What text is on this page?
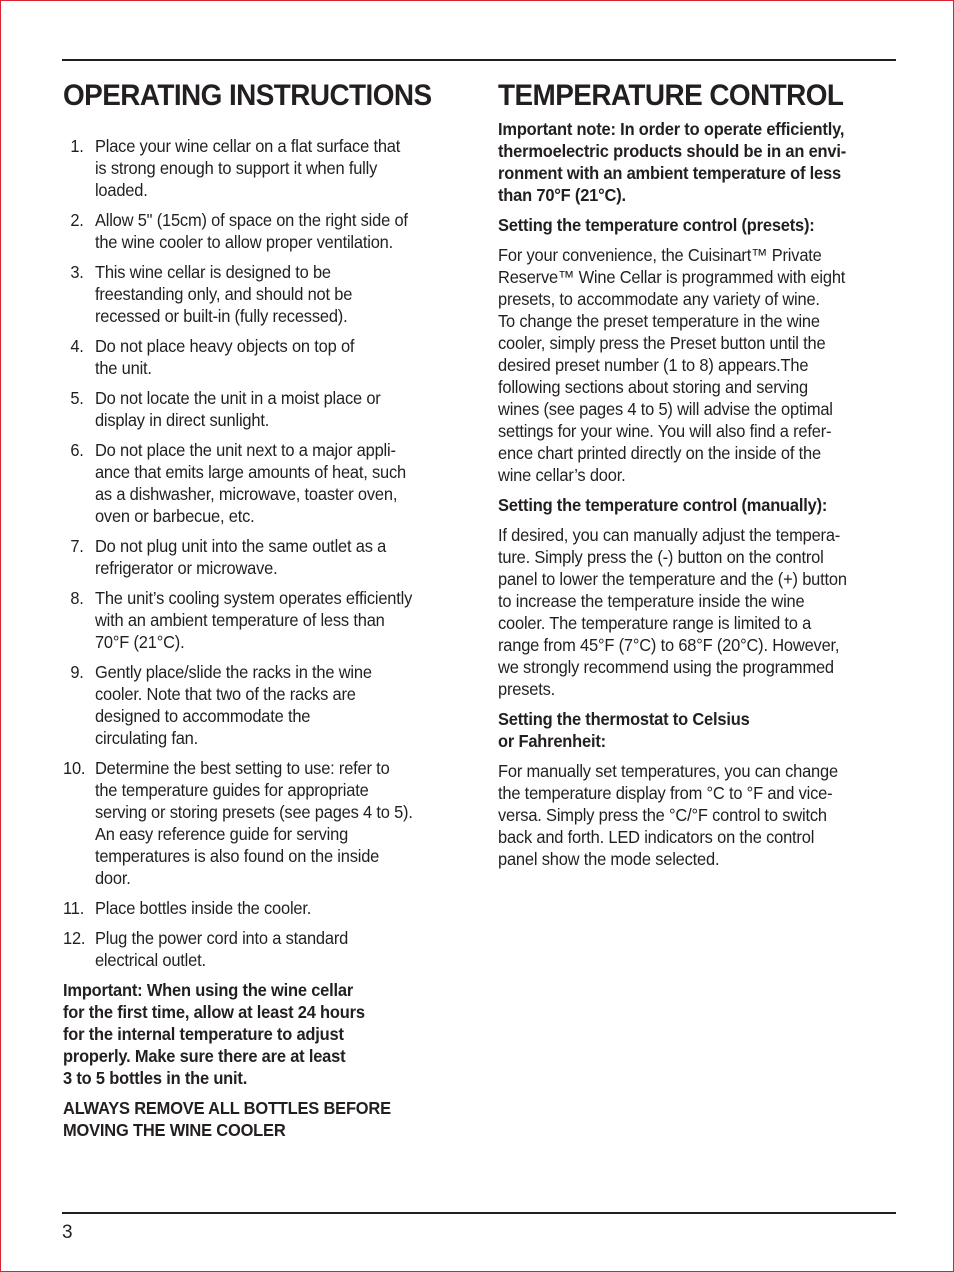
OPERATING INSTRUCTIONS
1. Place your wine cellar on a flat surface that
is strong enough to support it when fully
loaded.
2. Allow 5" (15cm) of space on the right side of
the wine cooler to allow proper ventilation.
3. This wine cellar is designed to be
freestanding only, and should not be
recessed or built-in (fully recessed).
4. Do not place heavy objects on top of
the unit.
5. Do not locate the unit in a moist place or
display in direct sunlight.
6. Do not place the unit next to a major appli-
ance that emits large amounts of heat, such
as a dishwasher, microwave, toaster oven,
oven or barbecue, etc.
7. Do not plug unit into the same outlet as a
refrigerator or microwave.
8. The unit’s cooling system operates efficiently
with an ambient temperature of less than
70°F (21°C).
9. Gently place/slide the racks in the wine
cooler. Note that two of the racks are
designed to accommodate the
circulating fan.
10. Determine the best setting to use: refer to
the temperature guides for appropriate
serving or storing presets (see pages 4 to 5).
An easy reference guide for serving
temperatures is also found on the inside
door.
11. Place bottles inside the cooler.
12. Plug the power cord into a standard
electrical outlet.

Important: When using the wine cellar
for the first time, allow at least 24 hours
for the internal temperature to adjust
properly. Make sure there are at least
3 to 5 bottles in the unit.

ALWAYS REMOVE ALL BOTTLES BEFORE
MOVING THE WINE COOLER

TEMPERATURE CONTROL

Important note: In order to operate efficiently,
thermoelectric products should be in an envi-
ronment with an ambient temperature of less
than 70°F (21°C).

Setting the temperature control (presets):

For your convenience, the Cuisinart™ Private
Reserve™ Wine Cellar is programmed with eight
presets, to accommodate any variety of wine.
To change the preset temperature in the wine
cooler, simply press the Preset button until the
desired preset number (1 to 8) appears.The
following sections about storing and serving
wines (see pages 4 to 5) will advise the optimal
settings for your wine. You will also find a refer-
ence chart printed directly on the inside of the
wine cellar’s door.

Setting the temperature control (manually):

If desired, you can manually adjust the tempera-
ture. Simply press the (-) button on the control
panel to lower the temperature and the (+) button
to increase the temperature inside the wine
cooler. The temperature range is limited to a
range from 45°F (7°C) to 68°F (20°C). However,
we strongly recommend using the programmed
presets.

Setting the thermostat to Celsius
or Fahrenheit:

For manually set temperatures, you can change
the temperature display from °C to °F and vice-
versa. Simply press the °C/°F control to switch
back and forth. LED indicators on the control
panel show the mode selected.

3
